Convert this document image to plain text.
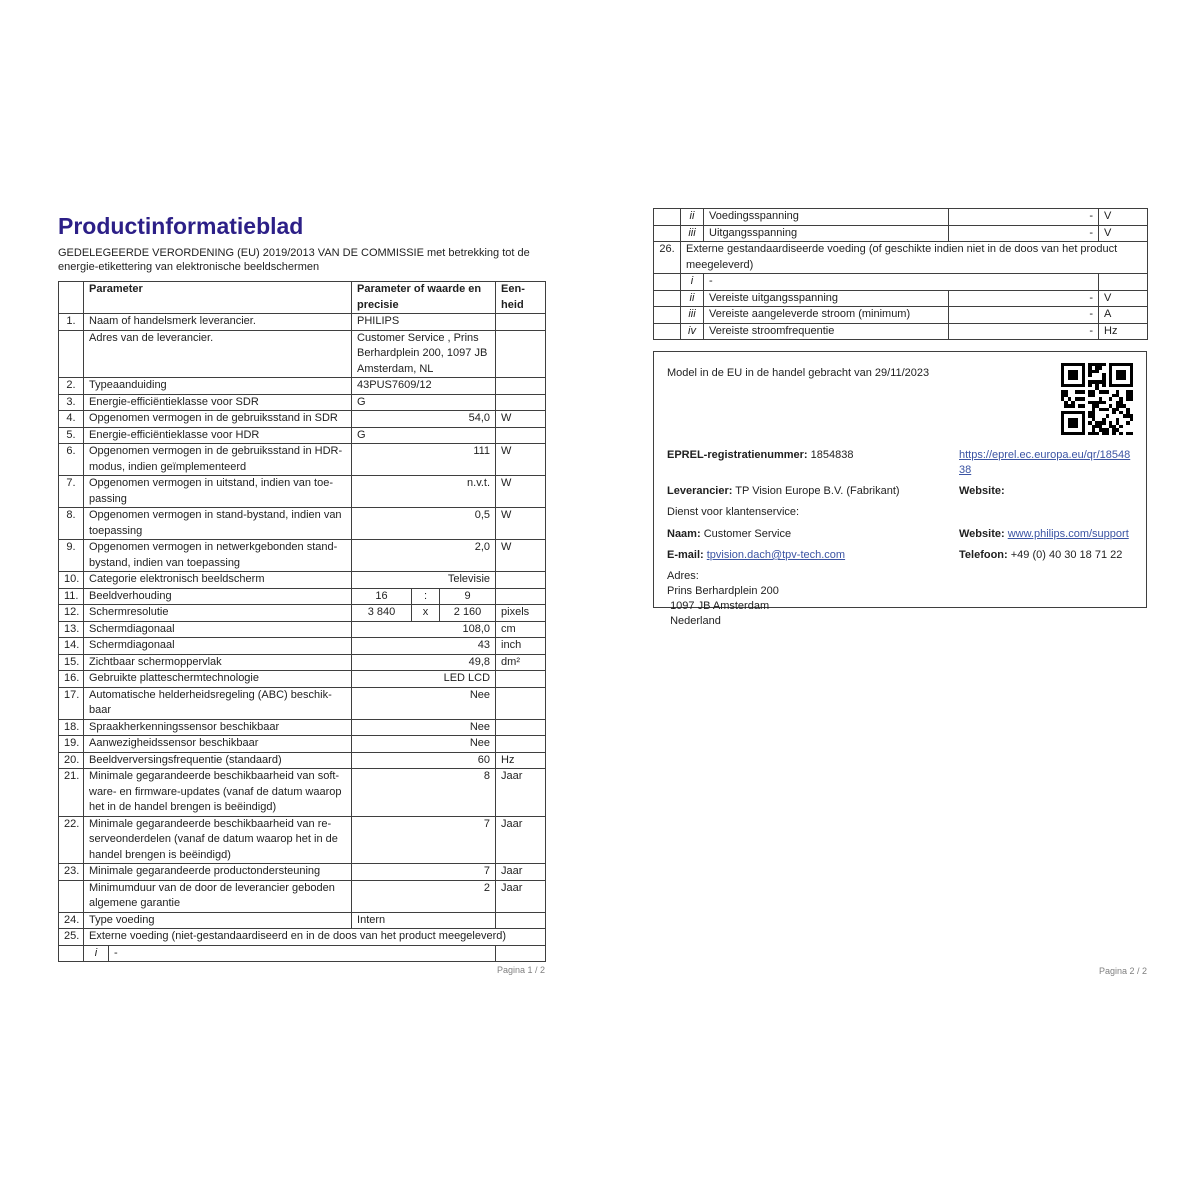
Productinformatieblad

GEDELEGEERDE VERORDENING (EU) 2019/2013 VAN DE COMMISSIE met betrekking tot de energie-etikettering van elektronische beeldschermen

	Parameter		Parameter of waarde en precisie			Een-heid
1.	Naam of handelsmerk leverancier.		PHILIPS			
	Adres van de leverancier.		Customer Service , Prins Berhardplein 200, 1097 JB Amsterdam, NL			
2.	Typeaanduiding		43PUS7609/12			
3.	Energie-efficiëntieklasse voor SDR		G			
4.	Opgenomen vermogen in de gebruiksstand in SDR		54,0			W
5.	Energie-efficiëntieklasse voor HDR		G			
6.	Opgenomen vermogen in de gebruiksstand in HDR-modus, indien geïmplementeerd		111			W
7.	Opgenomen vermogen in uitstand, indien van toe-passing		n.v.t.			W
8.	Opgenomen vermogen in stand-bystand, indien van toepassing		0,5			W
9.	Opgenomen vermogen in netwerkgebonden stand-bystand, indien van toepassing		2,0			W
10.	Categorie elektronisch beeldscherm		Televisie			
11.	Beeldverhouding		16	:	9	
12.	Schermresolutie		3 840	x	2 160	pixels
13.	Schermdiagonaal		108,0			cm
14.	Schermdiagonaal		43			inch
15.	Zichtbaar schermoppervlak		49,8			dm²
16.	Gebruikte platteschermtechnologie		LED LCD			
17.	Automatische helderheidsregeling (ABC) beschik-baar		Nee			
18.	Spraakherkenningssensor beschikbaar		Nee			
19.	Aanwezigheidssensor beschikbaar		Nee			
20.	Beeldverversingsfrequentie (standaard)		60			Hz
21.	Minimale gegarandeerde beschikbaarheid van soft-ware- en firmware-updates (vanaf de datum waarop het in de handel brengen is beëindigd)		8			Jaar
22.	Minimale gegarandeerde beschikbaarheid van re-serveonderdelen (vanaf de datum waarop het in de handel brengen is beëindigd)		7			Jaar
23.	Minimale gegarandeerde productondersteuning		7			Jaar
	Minimumduur van de door de leverancier geboden algemene garantie		2			Jaar
24.	Type voeding		Intern			
25.	Externe voeding (niet-gestandaardiseerd en in de doos van het product meegeleverd)					
	i	-				
Pagina 1 / 2
	ii	Voedingsspanning	-	V
	iii	Uitgangsspanning	-	V
26.	Externe gestandaardiseerde voeding (of geschikte indien niet in de doos van het product meegeleverd)			
	i	-		
	ii	Vereiste uitgangsspanning	-	V
	iii	Vereiste aangeleverde stroom (minimum)	-	A
	iv	Vereiste stroomfrequentie	-	Hz
Model in de EU in de handel gebracht van 29/11/2023
EPREL-registratienummer: 1854838	https://eprel.ec.europa.eu/qr/1854838
Leverancier: TP Vision Europe B.V. (Fabrikant)	Website:
Dienst voor klantenservice:
Naam: Customer Service	Website: www.philips.com/support
E-mail: tpvision.dach@tpv-tech.com	Telefoon: +49 (0) 40 30 18 71 22
Adres:
Prins Berhardplein 200
1097 JB Amsterdam
Nederland
Pagina 2 / 2
